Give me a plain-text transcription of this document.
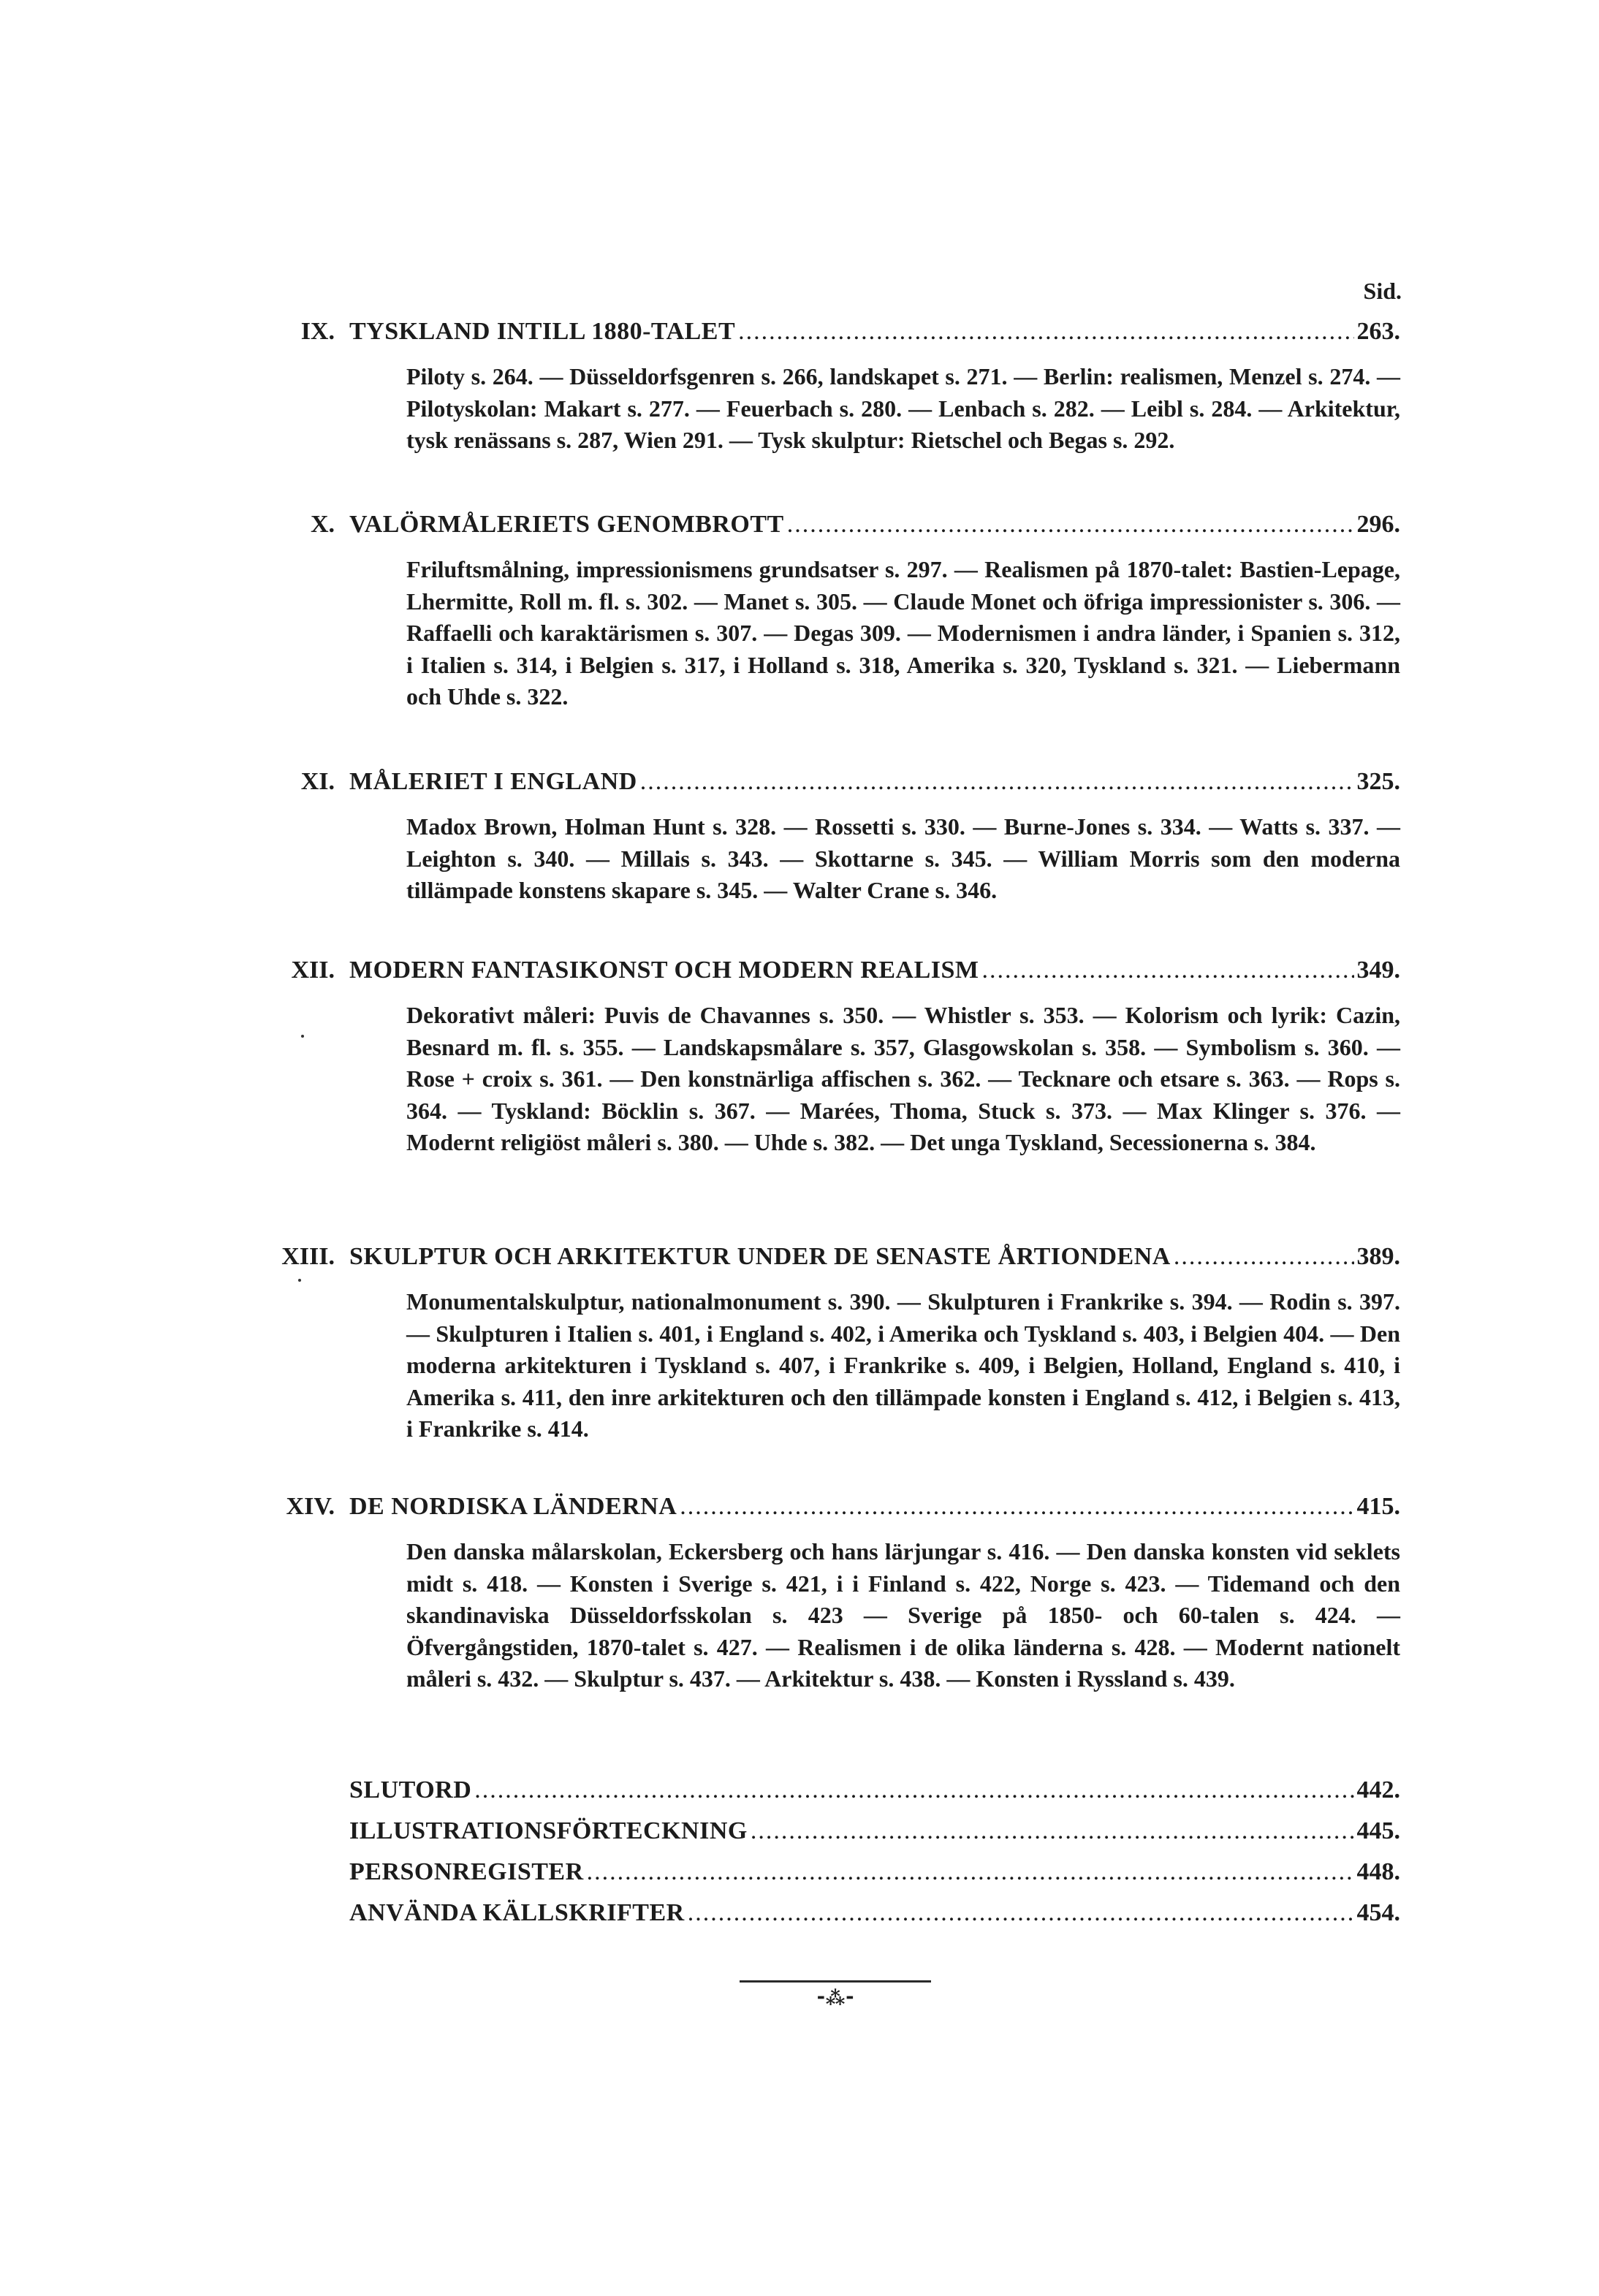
Sid.
IX. TYSKLAND INTILL 1880-TALET .....	263.
Piloty s. 264. — Düsseldorfsgenren s. 266, landskapet s. 271. — Berlin: realismen, Menzel s. 274. — Pilotyskolan: Makart s. 277. — Feuerbach s. 280. — Lenbach s. 282. — Leibl s. 284. — Arkitektur, tysk renässans s. 287, Wien 291. — Tysk skulptur: Rietschel och Begas s. 292.
X. VALÖRMÅLERIETS GENOMBROTT .....	296.
Friluftsmålning, impressionismens grundsatser s. 297. — Realismen på 1870-talet: Bastien-Lepage, Lhermitte, Roll m. fl. s. 302. — Manet s. 305. — Claude Monet och öfriga impressionister s. 306. — Raffaelli och karaktärismen s. 307. — Degas 309. — Modernismen i andra länder, i Spanien s. 312, i Italien s. 314, i Belgien s. 317, i Holland s. 318, Amerika s. 320, Tyskland s. 321. — Liebermann och Uhde s. 322.
XI. MÅLERIET I ENGLAND .....	325.
Madox Brown, Holman Hunt s. 328. — Rossetti s. 330. — Burne-Jones s. 334. — Watts s. 337. — Leighton s. 340. — Millais s. 343. — Skottarne s. 345. — William Morris som den moderna tillämpade konstens skapare s. 345. — Walter Crane s. 346.
XII. MODERN FANTASIKONST OCH MODERN REALISM .....	349.
Dekorativt måleri: Puvis de Chavannes s. 350. — Whistler s. 353. — Kolorism och lyrik: Cazin, Besnard m. fl. s. 355. — Landskapsmålare s. 357, Glasgowskolan s. 358. — Symbolism s. 360. — Rose + croix s. 361. — Den konstnärliga affischen s. 362. — Tecknare och etsare s. 363. — Rops s. 364. — Tyskland: Böcklin s. 367. — Marées, Thoma, Stuck s. 373. — Max Klinger s. 376. — Modernt religiöst måleri s. 380. — Uhde s. 382. — Det unga Tyskland, Secessionerna s. 384.
XIII. SKULPTUR OCH ARKITEKTUR UNDER DE SENASTE ÅRTIONDENA .....	389.
Monumentalskulptur, nationalmonument s. 390. — Skulpturen i Frankrike s. 394. — Rodin s. 397. — Skulpturen i Italien s. 401, i England s. 402, i Amerika och Tyskland s. 403, i Belgien 404. — Den moderna arkitekturen i Tyskland s. 407, i Frankrike s. 409, i Belgien, Holland, England s. 410, i Amerika s. 411, den inre arkitekturen och den tillämpade konsten i England s. 412, i Belgien s. 413, i Frankrike s. 414.
XIV. DE NORDISKA LÄNDERNA .....	415.
Den danska målarskolan, Eckersberg och hans lärjungar s. 416. — Den danska konsten vid seklets midt s. 418. — Konsten i Sverige s. 421, i i Finland s. 422, Norge s. 423. — Tidemand och den skandinaviska Düsseldorfsskolan s. 423 — Sverige på 1850- och 60-talen s. 424. — Öfvergångstiden, 1870-talet s. 427. — Realismen i de olika länderna s. 428. — Modernt nationelt måleri s. 432. — Skulptur s. 437. — Arkitektur s. 438. — Konsten i Ryssland s. 439.
SLUTORD .....	442.
ILLUSTRATIONSFÖRTECKNING .....	445.
PERSONREGISTER .....	448.
ANVÄNDA KÄLLSKRIFTER .....	454.
⁃⁂⁃
